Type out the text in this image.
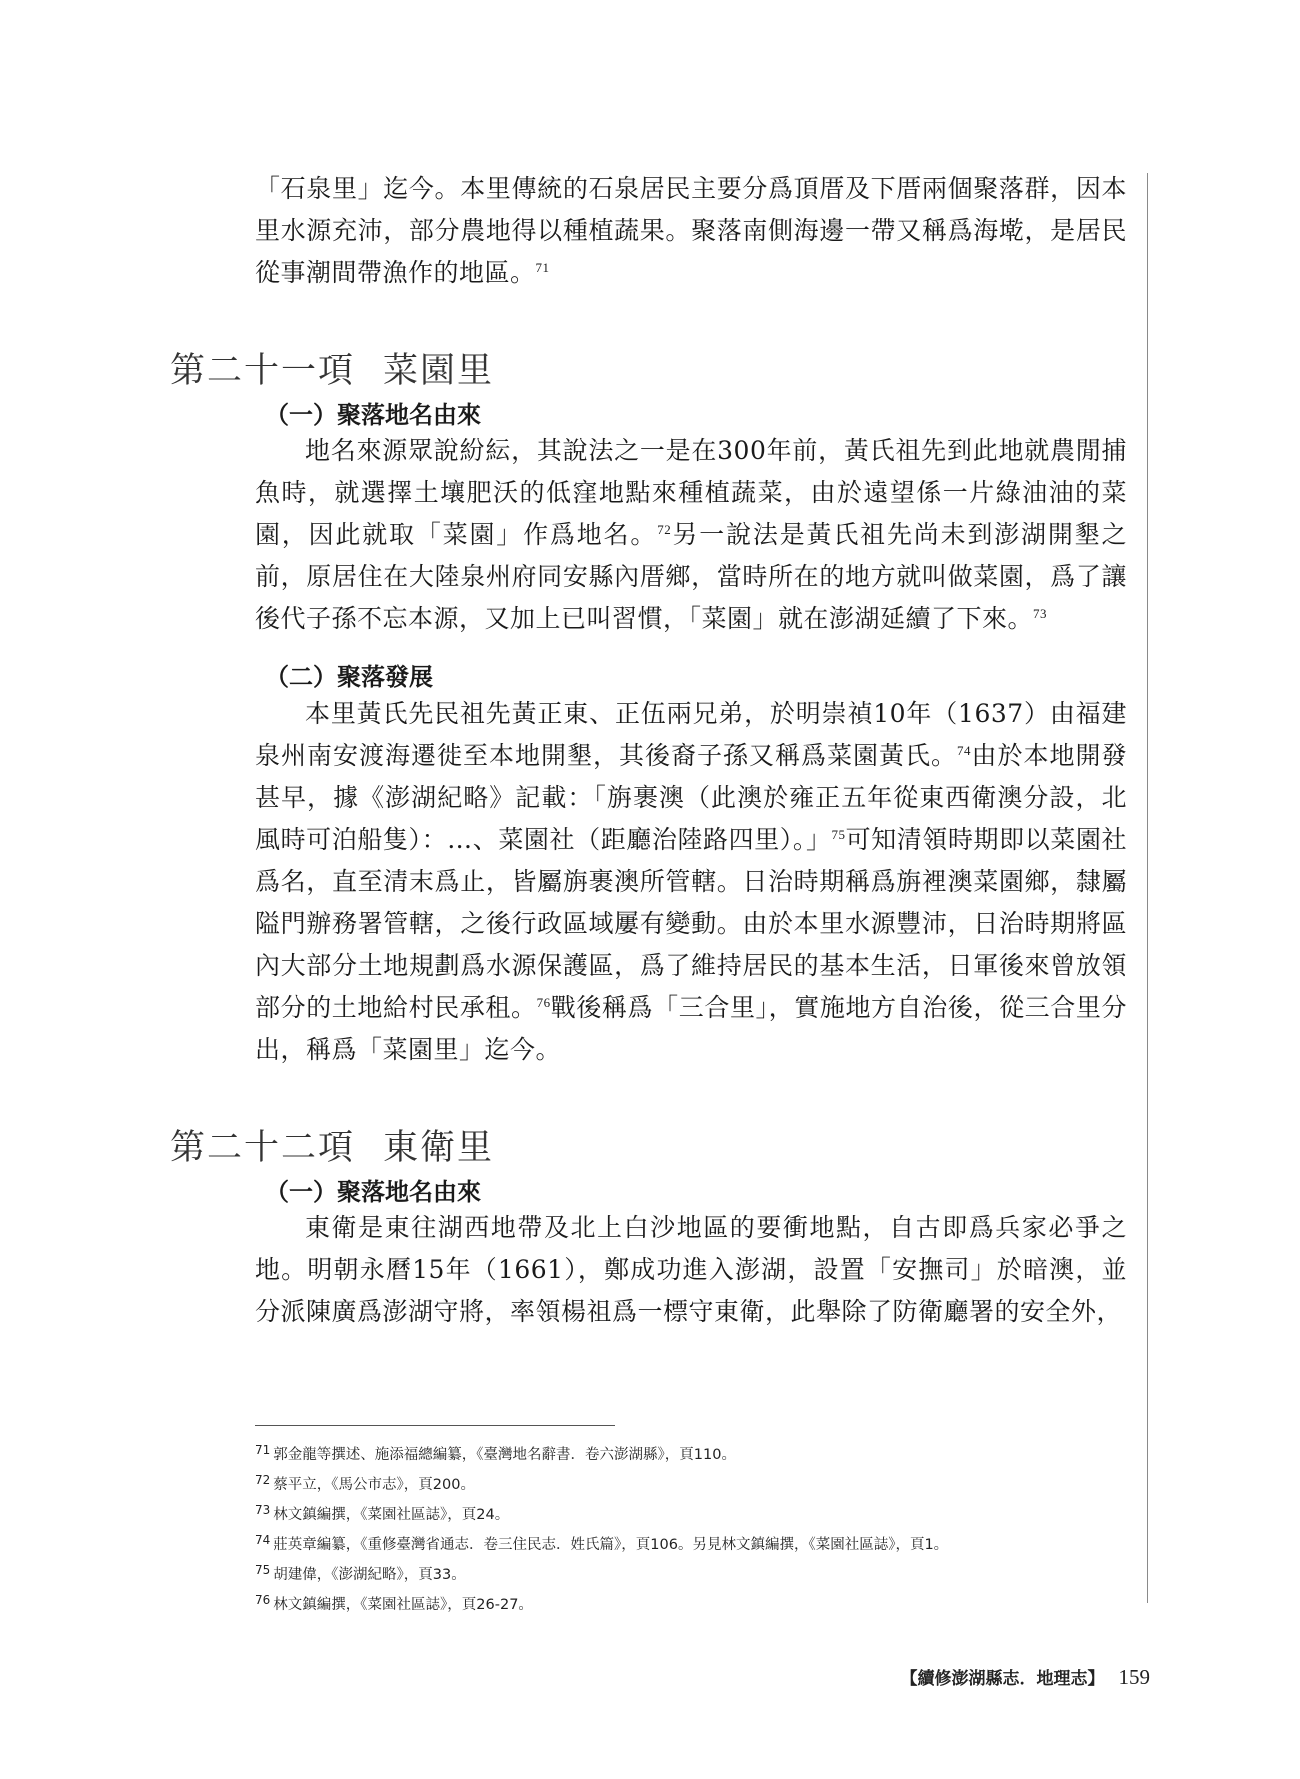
「石泉里」迄今。本里傳統的石泉居民主要分爲頂厝及下厝兩個聚落群，因本里水源充沛，部分農地得以種植蔬果。聚落南側海邊一帶又稱爲海墘，是居民從事潮間帶漁作的地區。$^{71}$

第二十一項 菜園里
（一）聚落地名由來

地名來源眾說紛紜，其說法之一是在300年前，黃氏祖先到此地就農閒捕魚時，就選擇土壤肥沃的低窪地點來種植蔬菜，由於遠望係一片綠油油的菜園，因此就取「菜園」作爲地名。$^{72}$另一說法是黃氏祖先尚未到澎湖開墾之前，原居住在大陸泉州府同安縣內厝鄉，當時所在的地方就叫做菜園，爲了讓後代子孫不忘本源，又加上已叫習慣，「菜園」就在澎湖延續了下來。$^{73}$

（二）聚落發展

本里黃氏先民祖先黃正東、正伍兩兄弟，於明崇禎10年（1637）由福建泉州南安渡海遷徙至本地開墾，其後裔子孫又稱爲菜園黃氏。$^{74}$由於本地開發甚早，據《澎湖紀略》記載：「旃裹澳（此澳於雍正五年從東西衛澳分設，北風時可泊船隻）：…、菜園社（距廳治陸路四里）。」$^{75}$可知清領時期即以菜園社爲名，直至清末爲止，皆屬旃裹澳所管轄。日治時期稱爲旃裡澳菜園鄉，隸屬隘門辦務署管轄，之後行政區域屢有變動。由於本里水源豐沛，日治時期將區內大部分土地規劃爲水源保護區，爲了維持居民的基本生活，日軍後來曾放領部分的土地給村民承租。$^{76}$戰後稱爲「三合里」，實施地方自治後，從三合里分出，稱爲「菜園里」迄今。

第二十二項 東衛里
（一）聚落地名由來

東衛是東往湖西地帶及北上白沙地區的要衝地點，自古即爲兵家必爭之地。明朝永曆15年（1661），鄭成功進入澎湖，設置「安撫司」於暗澳，並分派陳廣爲澎湖守將，率領楊祖爲一標守東衛，此舉除了防衛廳署的安全外，

$^{71}$ 郭金龍等撰述、施添福總編纂，《臺灣地名辭書．卷六澎湖縣》，頁110。
$^{72}$ 蔡平立，《馬公市志》，頁200。
$^{73}$ 林文鎮編撰，《菜園社區誌》，頁24。
$^{74}$ 莊英章編纂，《重修臺灣省通志．卷三住民志．姓氏篇》，頁106。另見林文鎮編撰，《菜園社區誌》，頁1。
$^{75}$ 胡建偉，《澎湖紀略》，頁33。
$^{76}$ 林文鎮編撰，《菜園社區誌》，頁26-27。
【續修澎湖縣志．地理志】 159
